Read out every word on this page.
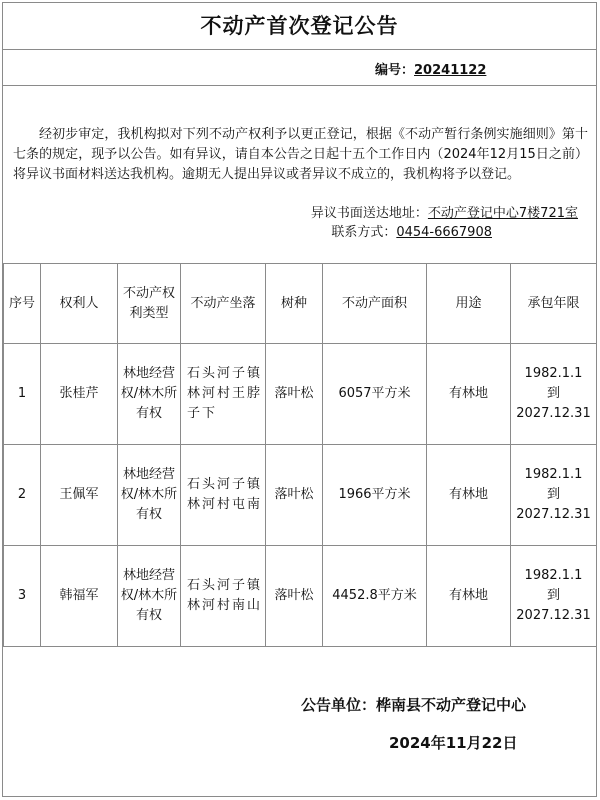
不动产首次登记公告
编号：20241122
经初步审定，我机构拟对下列不动产权利予以更正登记，根据《不动产暂行条例实施细则》第十七条的规定，现予以公告。如有异议，请自本公告之日起十五个工作日内（2024年12月15日之前）将异议书面材料送达我机构。逾期无人提出异议或者异议不成立的，我机构将予以登记。
异议书面送达地址：不动产登记中心7楼721室
联系方式：0454-6667908
序号	权利人	不动产权利类型	不动产坐落	树种	不动产面积	用途	承包年限
1	张桂芹	林地经营权/林木所有权	石头河子镇林河村王脖子下	落叶松	6057平方米	有林地	1982.1.1
到
2027.12.31

2	王佩军	林地经营权/林木所有权	石头河子镇林河村屯南	落叶松	1966平方米	有林地	1982.1.1
到
2027.12.31

3	韩福军	林地经营权/林木所有权	石头河子镇林河村南山	落叶松	4452.8平方米	有林地	1982.1.1
到
2027.12.31

公告单位：桦南县不动产登记中心
2024年11月22日
